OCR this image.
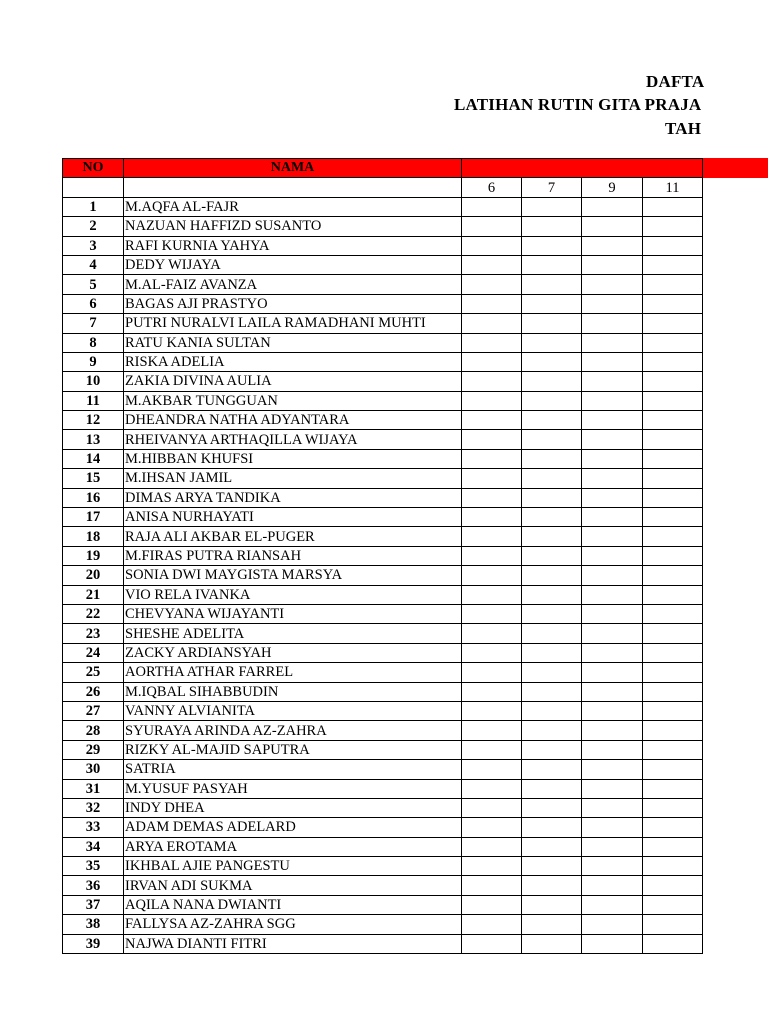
DAFTA
LATIHAN RUTIN GITA PRAJA
TAH
NO	NAMA				
		6	7	9	11
1	M.AQFA AL-FAJR				
2	NAZUAN HAFFIZD SUSANTO				
3	RAFI KURNIA YAHYA				
4	DEDY WIJAYA				
5	M.AL-FAIZ AVANZA				
6	BAGAS AJI PRASTYO				
7	PUTRI NURALVI LAILA RAMADHANI MUHTI				
8	RATU KANIA SULTAN				
9	RISKA ADELIA				
10	ZAKIA DIVINA AULIA				
11	M.AKBAR TUNGGUAN				
12	DHEANDRA NATHA ADYANTARA				
13	RHEIVANYA ARTHAQILLA WIJAYA				
14	M.HIBBAN KHUFSI				
15	M.IHSAN JAMIL				
16	DIMAS ARYA TANDIKA				
17	ANISA NURHAYATI				
18	RAJA ALI AKBAR EL-PUGER				
19	M.FIRAS PUTRA RIANSAH				
20	SONIA DWI MAYGISTA MARSYA				
21	VIO RELA IVANKA				
22	CHEVYANA WIJAYANTI				
23	SHESHE ADELITA				
24	ZACKY ARDIANSYAH				
25	AORTHA ATHAR FARREL				
26	M.IQBAL SIHABBUDIN				
27	VANNY ALVIANITA				
28	SYURAYA ARINDA AZ-ZAHRA				
29	RIZKY AL-MAJID SAPUTRA				
30	SATRIA				
31	M.YUSUF PASYAH				
32	INDY DHEA				
33	ADAM DEMAS ADELARD				
34	ARYA EROTAMA				
35	IKHBAL AJIE PANGESTU				
36	IRVAN ADI SUKMA				
37	AQILA NANA DWIANTI				
38	FALLYSA AZ-ZAHRA SGG				
39	NAJWA DIANTI FITRI				
